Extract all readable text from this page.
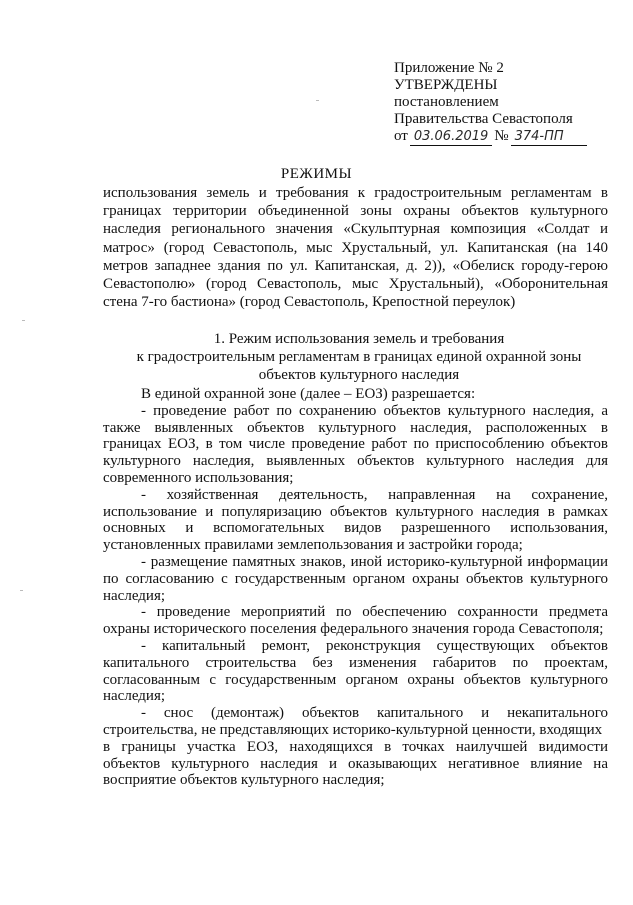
Приложение № 2
УТВЕРЖДЕНЫ
постановлением
Правительства Севастополя
от 03.06.2019 № 374-ПП
РЕЖИМЫ
использования земель и требования к градостроительным регламентам в границах территории объединенной зоны охраны объектов культурного наследия регионального значения «Скульптурная композиция «Солдат и матрос» (город Севастополь, мыс Хрустальный, ул. Капитанская (на 140 метров западнее здания по ул. Капитанская, д. 2)), «Обелиск городу-герою Севастополю» (город Севастополь, мыс Хрустальный), «Оборонительная стена 7-го бастиона» (город Севастополь, Крепостной переулок)
1. Режим использования земель и требования
к градостроительным регламентам в границах единой охранной зоны
объектов культурного наследия

В единой охранной зоне (далее – ЕОЗ) разрешается:

- проведение работ по сохранению объектов культурного наследия, а также выявленных объектов культурного наследия, расположенных в границах ЕОЗ, в том числе проведение работ по приспособлению объектов культурного наследия, выявленных объектов культурного наследия для современного использования;

- хозяйственная деятельность, направленная на сохранение, использование и популяризацию объектов культурного наследия в рамках основных и вспомогательных видов разрешенного использования, установленных правилами землепользования и застройки города;

- размещение памятных знаков, иной историко-культурной информации по согласованию с государственным органом охраны объектов культурного наследия;

- проведение мероприятий по обеспечению сохранности предмета охраны исторического поселения федерального значения города Севастополя;

- капитальный ремонт, реконструкция существующих объектов капитального строительства без изменения габаритов по проектам, согласованным с государственным органом охраны объектов культурного наследия;

- снос (демонтаж) объектов капитального и некапитального строительства, не представляющих историко-культурной ценности, входящих

в границы участка ЕОЗ, находящихся в точках наилучшей видимости объектов культурного наследия и оказывающих негативное влияние на восприятие объектов культурного наследия;
